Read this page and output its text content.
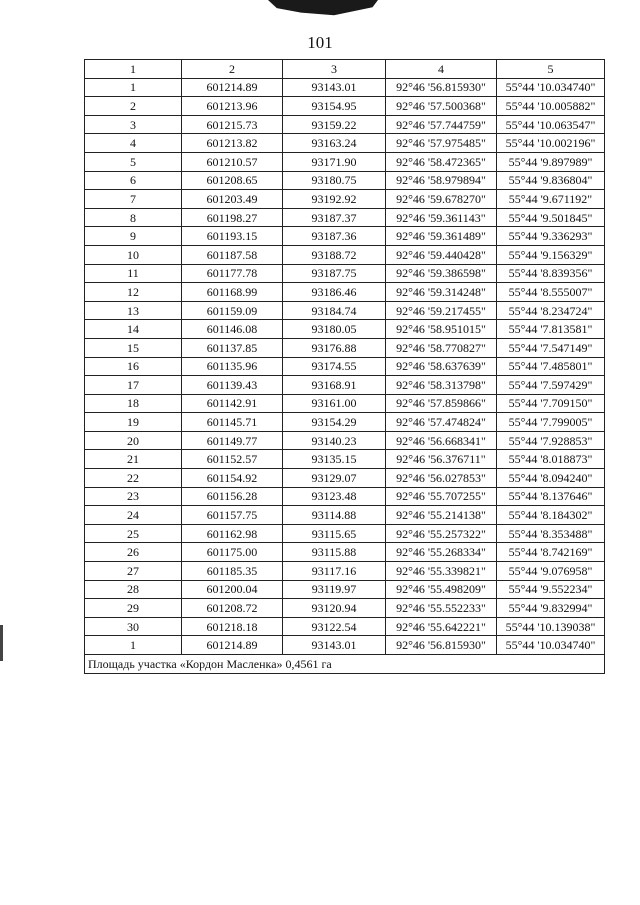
101
1	2	3	4	5
1	601214.89	93143.01	92°46 '56.815930"	55°44 '10.034740"
2	601213.96	93154.95	92°46 '57.500368"	55°44 '10.005882"
3	601215.73	93159.22	92°46 '57.744759"	55°44 '10.063547"
4	601213.82	93163.24	92°46 '57.975485"	55°44 '10.002196"
5	601210.57	93171.90	92°46 '58.472365"	55°44 '9.897989"
6	601208.65	93180.75	92°46 '58.979894"	55°44 '9.836804"
7	601203.49	93192.92	92°46 '59.678270"	55°44 '9.671192"
8	601198.27	93187.37	92°46 '59.361143"	55°44 '9.501845"
9	601193.15	93187.36	92°46 '59.361489"	55°44 '9.336293"
10	601187.58	93188.72	92°46 '59.440428"	55°44 '9.156329"
11	601177.78	93187.75	92°46 '59.386598"	55°44 '8.839356"
12	601168.99	93186.46	92°46 '59.314248"	55°44 '8.555007"
13	601159.09	93184.74	92°46 '59.217455"	55°44 '8.234724"
14	601146.08	93180.05	92°46 '58.951015"	55°44 '7.813581"
15	601137.85	93176.88	92°46 '58.770827"	55°44 '7.547149"
16	601135.96	93174.55	92°46 '58.637639"	55°44 '7.485801"
17	601139.43	93168.91	92°46 '58.313798"	55°44 '7.597429"
18	601142.91	93161.00	92°46 '57.859866"	55°44 '7.709150"
19	601145.71	93154.29	92°46 '57.474824"	55°44 '7.799005"
20	601149.77	93140.23	92°46 '56.668341"	55°44 '7.928853"
21	601152.57	93135.15	92°46 '56.376711"	55°44 '8.018873"
22	601154.92	93129.07	92°46 '56.027853"	55°44 '8.094240"
23	601156.28	93123.48	92°46 '55.707255"	55°44 '8.137646"
24	601157.75	93114.88	92°46 '55.214138"	55°44 '8.184302"
25	601162.98	93115.65	92°46 '55.257322"	55°44 '8.353488"
26	601175.00	93115.88	92°46 '55.268334"	55°44 '8.742169"
27	601185.35	93117.16	92°46 '55.339821"	55°44 '9.076958"
28	601200.04	93119.97	92°46 '55.498209"	55°44 '9.552234"
29	601208.72	93120.94	92°46 '55.552233"	55°44 '9.832994"
30	601218.18	93122.54	92°46 '55.642221"	55°44 '10.139038"
1	601214.89	93143.01	92°46 '56.815930"	55°44 '10.034740"
Площадь участка «Кордон Масленка» 0,4561 га				
